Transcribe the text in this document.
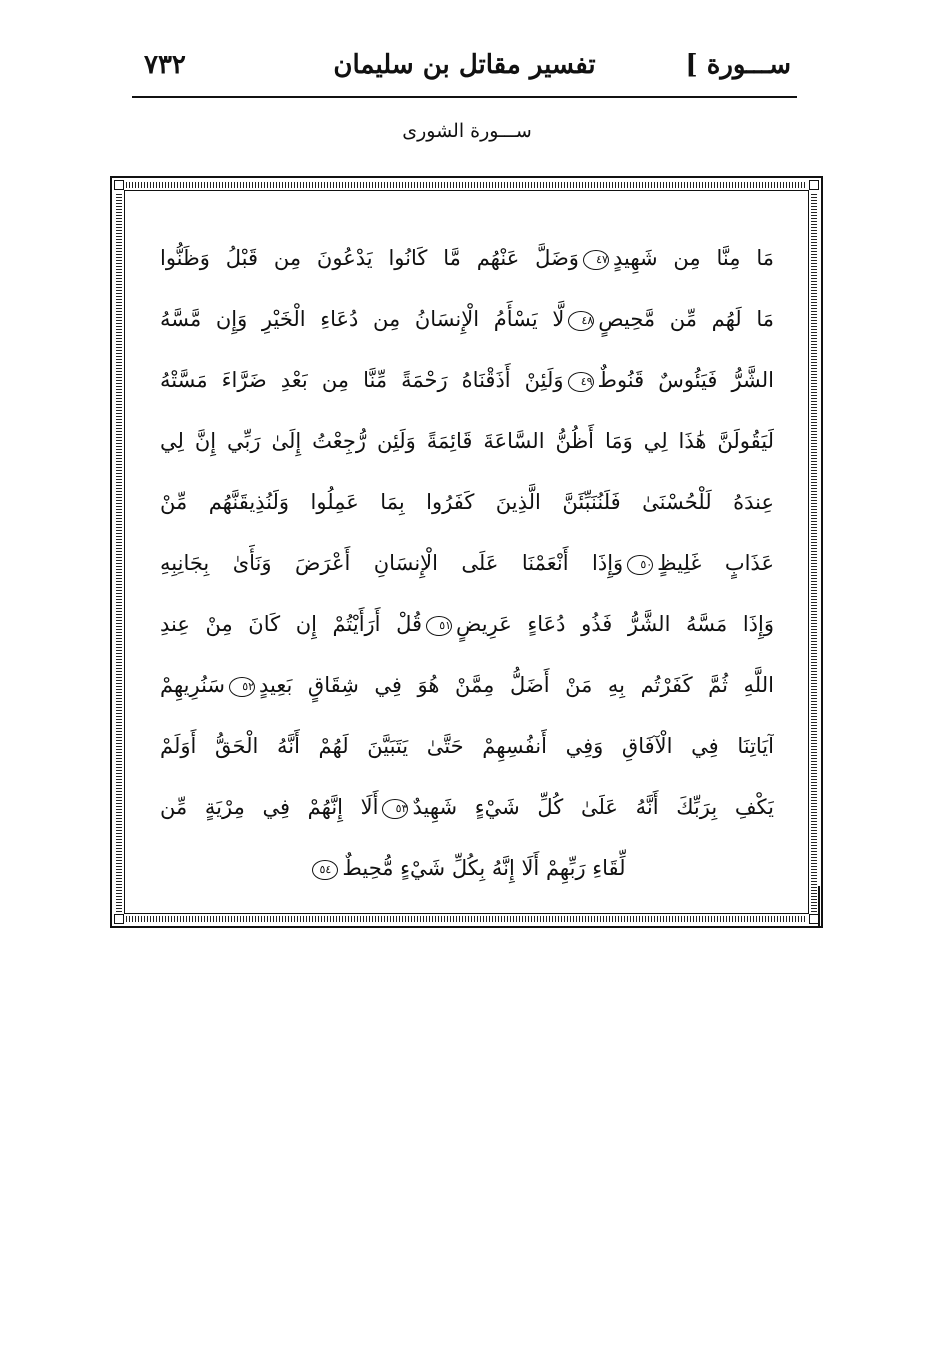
٧٣٢	تفسير مقاتل بن سليمان	[ ســـورة
ســـورة الشورى
مَا مِنَّا مِن شَهِيدٍ٤٧وَضَلَّ عَنْهُم مَّا كَانُوا يَدْعُونَ مِن قَبْلُ وَظَنُّوا
مَا لَهُم مِّن مَّحِيصٍ٤٨لَّا يَسْأَمُ الْإِنسَانُ مِن دُعَاءِ الْخَيْرِ وَإِن مَّسَّهُ
الشَّرُّ فَيَئُوسٌ قَنُوطٌ٤٩وَلَئِنْ أَذَقْنَاهُ رَحْمَةً مِّنَّا مِن بَعْدِ ضَرَّاءَ مَسَّتْهُ
لَيَقُولَنَّ هَٰذَا لِي وَمَا أَظُنُّ السَّاعَةَ قَائِمَةً وَلَئِن رُّجِعْتُ إِلَىٰ رَبِّي إِنَّ لِي
عِندَهُ لَلْحُسْنَىٰ فَلَنُنَبِّئَنَّ الَّذِينَ كَفَرُوا بِمَا عَمِلُوا وَلَنُذِيقَنَّهُم مِّنْ
عَذَابٍ غَلِيظٍ٥٠وَإِذَا أَنْعَمْنَا عَلَى الْإِنسَانِ أَعْرَضَ وَنَأَىٰ بِجَانِبِهِ
وَإِذَا مَسَّهُ الشَّرُّ فَذُو دُعَاءٍ عَرِيضٍ٥١قُلْ أَرَأَيْتُمْ إِن كَانَ مِنْ عِندِ
اللَّهِ ثُمَّ كَفَرْتُم بِهِ مَنْ أَضَلُّ مِمَّنْ هُوَ فِي شِقَاقٍ بَعِيدٍ٥٢سَنُرِيهِمْ
آيَاتِنَا فِي الْآفَاقِ وَفِي أَنفُسِهِمْ حَتَّىٰ يَتَبَيَّنَ لَهُمْ أَنَّهُ الْحَقُّ أَوَلَمْ
يَكْفِ بِرَبِّكَ أَنَّهُ عَلَىٰ كُلِّ شَيْءٍ شَهِيدٌ٥٣أَلَا إِنَّهُمْ فِي مِرْيَةٍ مِّن
لِّقَاءِ رَبِّهِمْ أَلَا إِنَّهُ بِكُلِّ شَيْءٍ مُّحِيطٌ٥٤
